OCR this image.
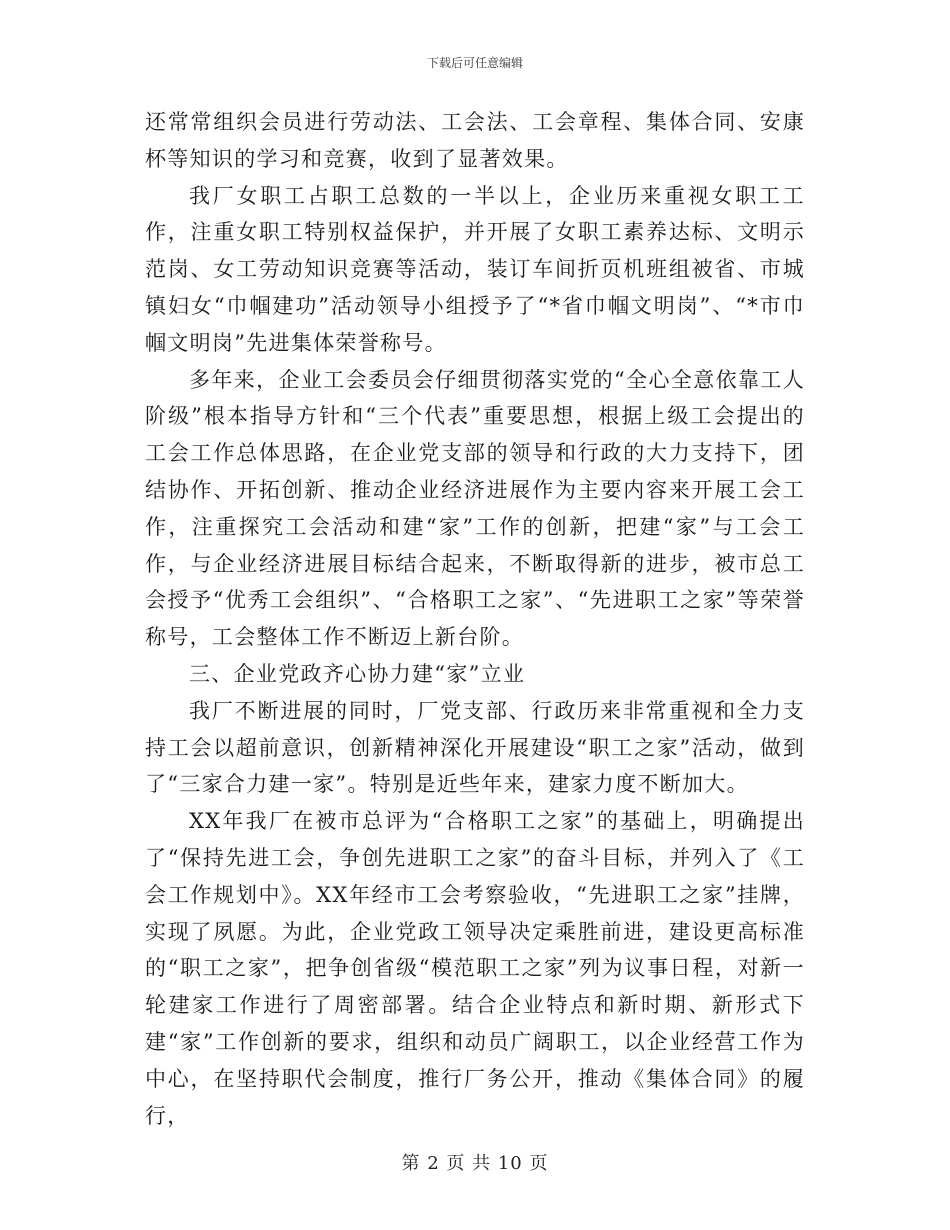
下载后可任意编辑

还常常组织会员进行劳动法、工会法、工会章程、集体合同、安康杯等知识的学习和竞赛，收到了显著效果。

我厂女职工占职工总数的一半以上，企业历来重视女职工工作，注重女职工特别权益保护，并开展了女职工素养达标、文明示范岗、女工劳动知识竞赛等活动，装订车间折页机班组被省、市城镇妇女“巾帼建功”活动领导小组授予了“*省巾帼文明岗”、“*市巾帼文明岗”先进集体荣誉称号。

多年来，企业工会委员会仔细贯彻落实党的“全心全意依靠工人阶级”根本指导方针和“三个代表”重要思想，根据上级工会提出的工会工作总体思路，在企业党支部的领导和行政的大力支持下，团结协作、开拓创新、推动企业经济进展作为主要内容来开展工会工作，注重探究工会活动和建“家”工作的创新，把建“家”与工会工作，与企业经济进展目标结合起来，不断取得新的进步，被市总工会授予“优秀工会组织”、“合格职工之家”、“先进职工之家”等荣誉称号，工会整体工作不断迈上新台阶。

三、企业党政齐心协力建“家”立业

我厂不断进展的同时，厂党支部、行政历来非常重视和全力支持工会以超前意识，创新精神深化开展建设“职工之家”活动，做到了“三家合力建一家”。特别是近些年来，建家力度不断加大。

XX年我厂在被市总评为“合格职工之家”的基础上，明确提出了“保持先进工会，争创先进职工之家”的奋斗目标，并列入了《工会工作规划中》。XX年经市工会考察验收，“先进职工之家”挂牌，实现了夙愿。为此，企业党政工领导决定乘胜前进，建设更高标准的“职工之家”，把争创省级“模范职工之家”列为议事日程，对新一轮建家工作进行了周密部署。结合企业特点和新时期、新形式下建“家”工作创新的要求，组织和动员广阔职工，以企业经营工作为中心，在坚持职代会制度，推行厂务公开，推动《集体合同》的履行，

第 2 页 共 10 页
